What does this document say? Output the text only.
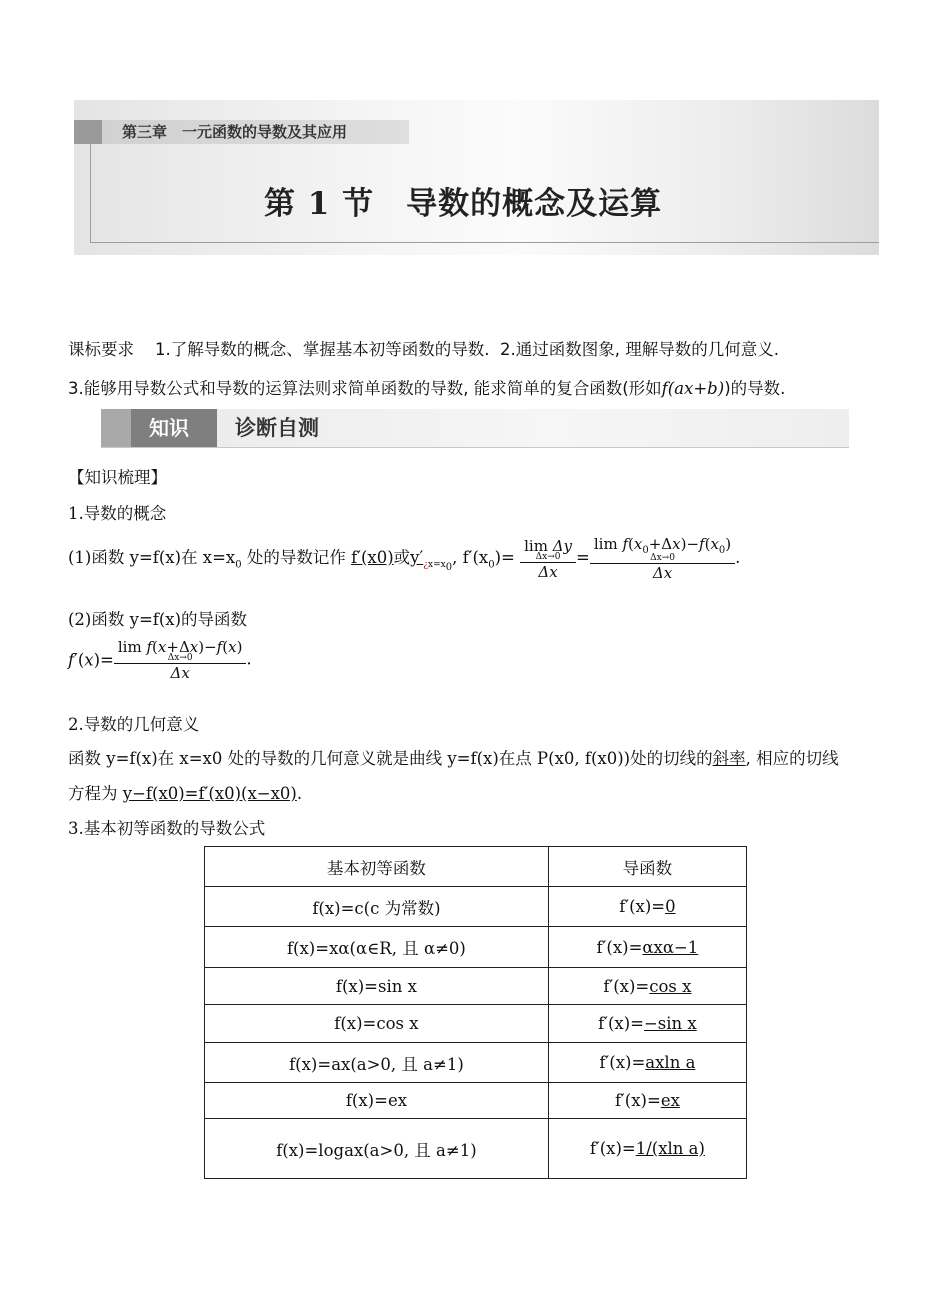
第三章　一元函数的导数及其应用
第 1 节　导数的概念及运算
课标要求 1.了解导数的概念、掌握基本初等函数的导数. 2.通过函数图象, 理解导数的几何意义.
3.能够用导数公式和导数的运算法则求简单函数的导数, 能求简单的复合函数(形如f(ax+b))的导数.
知识	诊断自测
【知识梳理】
1.导数的概念
(1)函数 y=f(x)在 $x=x_0$ 处的导数记作 f′(x0)或$y'_{¿x=x_0}$, $f'(x_0)= \lim \Delta y$
Δx→0
$\Delta x = \lim f(x_0+\Delta x)-f(x_0)$
Δx→0
Δx .
(2)函数 y=f(x)的导函数
f′(x)= lim f(x+Δx)−f(x)
Δx→0
Δx .
2.导数的几何意义
函数 y=f(x)在 x=x0 处的导数的几何意义就是曲线 y=f(x)在点 P(x0, f(x0))处的切线的斜率, 相应的切线
方程为 y−f(x0)=f′(x0)(x−x0).
3.基本初等函数的导数公式
基本初等函数	导函数
f(x)=c(c 为常数)	f′(x)=0
f(x)=xα(α∈R, 且 α≠0)	f′(x)=αxα−1
f(x)=sin x	f′(x)=cos x
f(x)=cos x	f′(x)=−sin x
f(x)=ax(a>0, 且 a≠1)	f′(x)=axln a
f(x)=ex	f′(x)=ex
f(x)=logax(a>0, 且 a≠1)	f′(x)=1/(xln a)
